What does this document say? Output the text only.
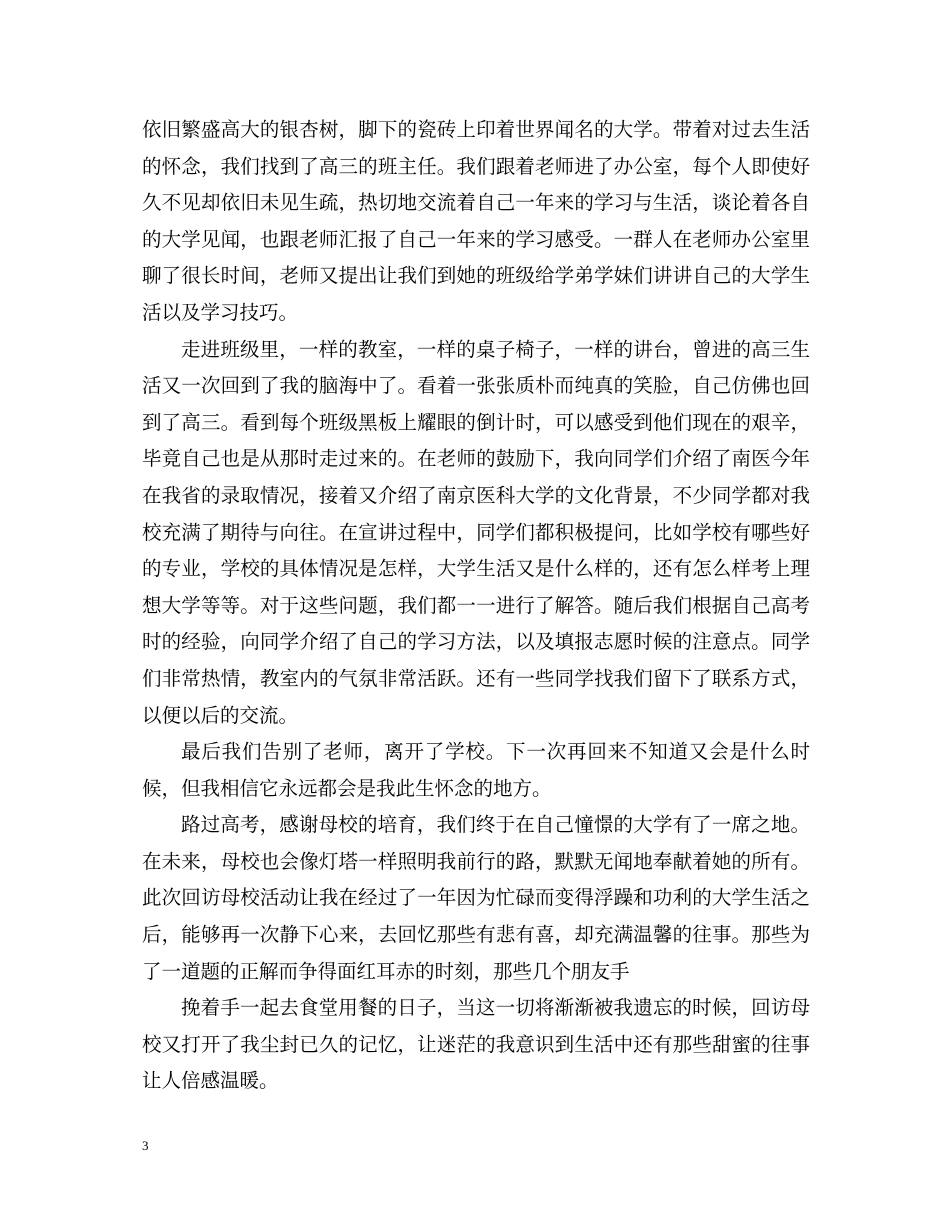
依旧繁盛高大的银杏树，脚下的瓷砖上印着世界闻名的大学。带着对过去生活的怀念，我们找到了高三的班主任。我们跟着老师进了办公室，每个人即使好久不见却依旧未见生疏，热切地交流着自己一年来的学习与生活，谈论着各自的大学见闻，也跟老师汇报了自己一年来的学习感受。一群人在老师办公室里聊了很长时间，老师又提出让我们到她的班级给学弟学妹们讲讲自己的大学生活以及学习技巧。

走进班级里，一样的教室，一样的桌子椅子，一样的讲台，曾进的高三生活又一次回到了我的脑海中了。看着一张张质朴而纯真的笑脸，自己仿佛也回到了高三。看到每个班级黑板上耀眼的倒计时，可以感受到他们现在的艰辛，毕竟自己也是从那时走过来的。在老师的鼓励下，我向同学们介绍了南医今年在我省的录取情况，接着又介绍了南京医科大学的文化背景，不少同学都对我校充满了期待与向往。在宣讲过程中，同学们都积极提问，比如学校有哪些好的专业，学校的具体情况是怎样，大学生活又是什么样的，还有怎么样考上理想大学等等。对于这些问题，我们都一一进行了解答。随后我们根据自己高考时的经验，向同学介绍了自己的学习方法，以及填报志愿时候的注意点。同学们非常热情，教室内的气氛非常活跃。还有一些同学找我们留下了联系方式，以便以后的交流。

最后我们告别了老师，离开了学校。下一次再回来不知道又会是什么时候，但我相信它永远都会是我此生怀念的地方。

路过高考，感谢母校的培育，我们终于在自己憧憬的大学有了一席之地。在未来，母校也会像灯塔一样照明我前行的路，默默无闻地奉献着她的所有。此次回访母校活动让我在经过了一年因为忙碌而变得浮躁和功利的大学生活之后，能够再一次静下心来，去回忆那些有悲有喜，却充满温馨的往事。那些为了一道题的正解而争得面红耳赤的时刻，那些几个朋友手

挽着手一起去食堂用餐的日子，当这一切将渐渐被我遗忘的时候，回访母校又打开了我尘封已久的记忆，让迷茫的我意识到生活中还有那些甜蜜的往事让人倍感温暖。

3
